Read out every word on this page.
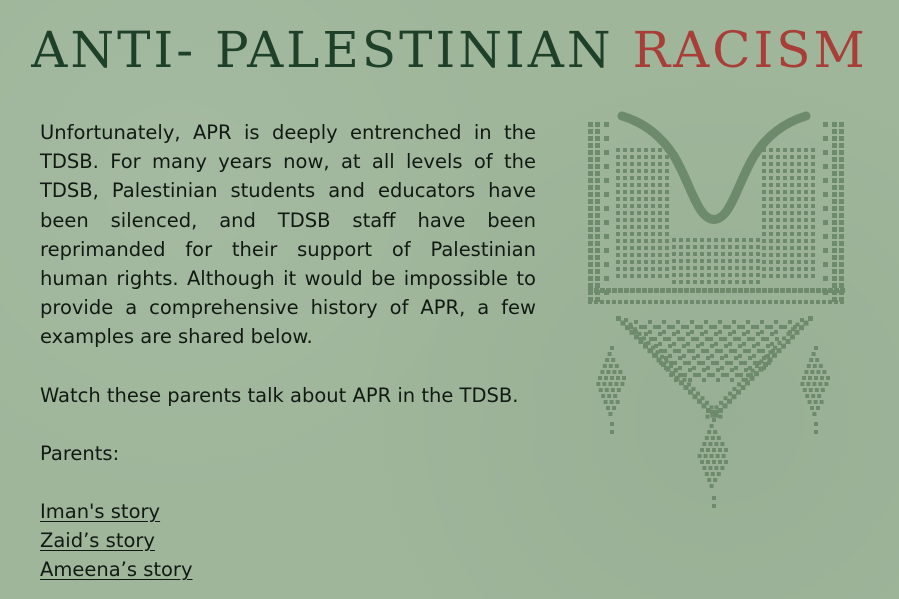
ANTI- PALESTINIAN RACISM

Unfortunately, APR is deeply entrenched in the TDSB. For many years now, at all levels of the TDSB, Palestinian students and educators have been silenced, and TDSB staff have been reprimanded for their support of Palestinian human rights. Although it would be impossible to provide a comprehensive history of APR, a few examples are shared below.

Watch these parents talk about APR in the TDSB.

Parents:

Iman's story
Zaid’s story
Ameena’s story
